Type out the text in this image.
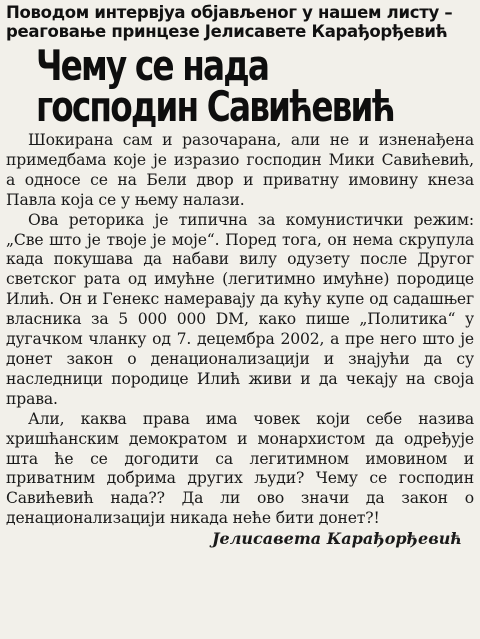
Поводом интервјуа објављеног у нашем листу –
реаговање принцезе Јелисавете Карађорђевић
Чему се нада
господин Савићевић

Шокирана сам и разочарана, али не и изненађена примедбама које је изразио господин Мики Савићевић, а односе се на Бели двор и приватну имовину кнеза Павла која се у њему налази.

Ова реторика је типична за комунистички режим: „Све што је твоје је моје“. Поред тога, он нема скрупула када покушава да набави вилу одузету после Другог светског рата од имућне (легитимно имућне) породице Илић. Он и Генекс намеравају да кућу купе од садашњег власника за 5 000 000 DM, како пише „Политика“ у дугачком чланку од 7. децембра 2002, а пре него што је донет закон о денационализацији и знајући да су наследници породице Илић живи и да чекају на своја права.

Али, каква права има човек који себе назива хришћанским демократом и монархистом да одређује шта ће се догодити са легитимном имовином и приватним добрима других људи? Чему се господин Савићевић нада?? Да ли ово значи да закон о денационализацији никада неће бити донет?!

Јелисавета Карађорђевић
